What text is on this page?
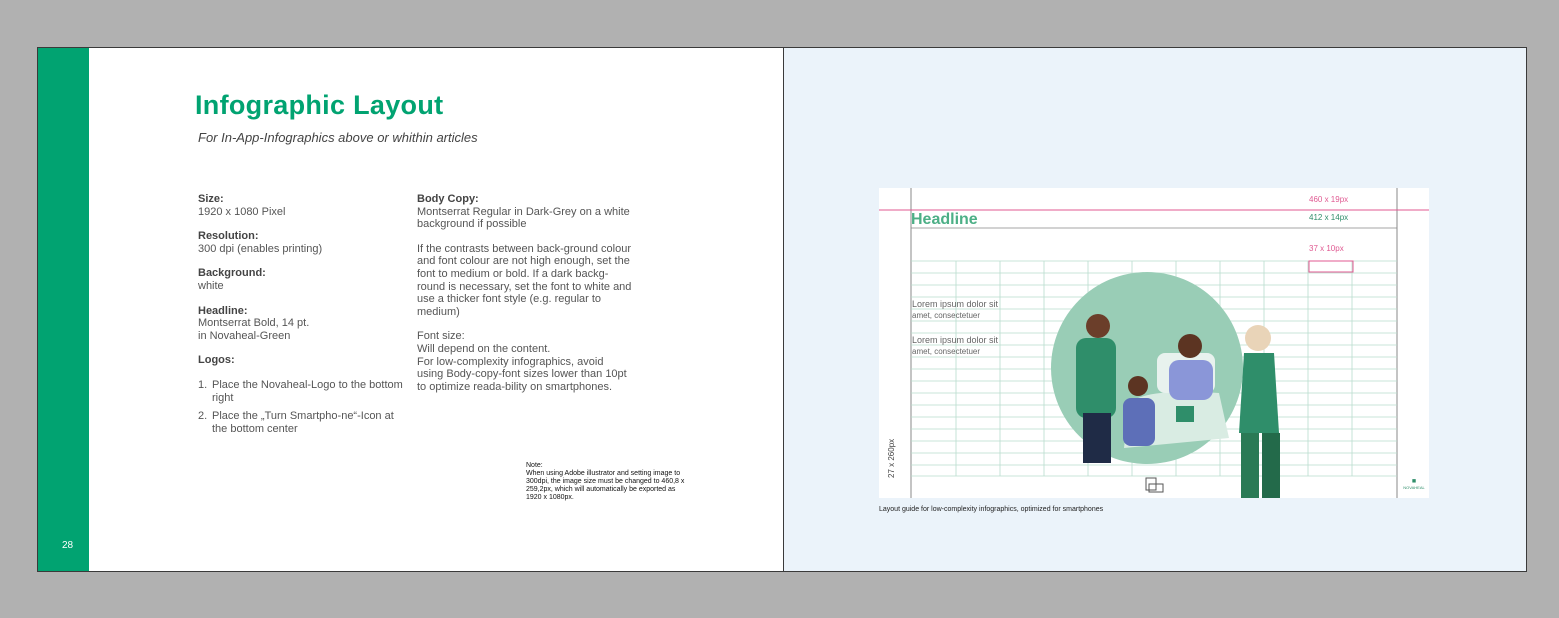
28
Infographic Layout
For In-App-Infographics above or whithin articles
Size:
1920 x 1080 Pixel
Resolution:
300 dpi (enables printing)
Background:
white
Headline:
Montserrat Bold, 14 pt.
in Novaheal-Green
Logos:
1. Place the Novaheal-Logo to the bottom right
2. Place the „Turn Smartpho-ne“-Icon at the bottom center
Body Copy:
Montserrat Regular in Dark-Grey on a white background if possible
If the contrasts between back-ground colour and font colour are not high enough, set the font to medium or bold. If a dark backg-round is necessary, set the font to white and use a thicker font style (e.g. regular to medium)
Font size:
Will depend on the content.
For low-complexity infographics, avoid using Body-copy-font sizes lower than 10pt to optimize reada-bility on smartphones.
Note:
When using Adobe illustrator and setting image to 300dpi, the image size must be changed to 460,8 x 259,2px, which will automatically be exported as 1920 x 1080px.
Headline
460 x 19px
412 x 14px
37 x 10px
Lorem ipsum dolor sit
amet, consectetuer
Lorem ipsum dolor sit
amet, consectetuer
27 x 260px
■
NOVAHEAL
Layout guide for low-complexity infographics, optimized for smartphones
